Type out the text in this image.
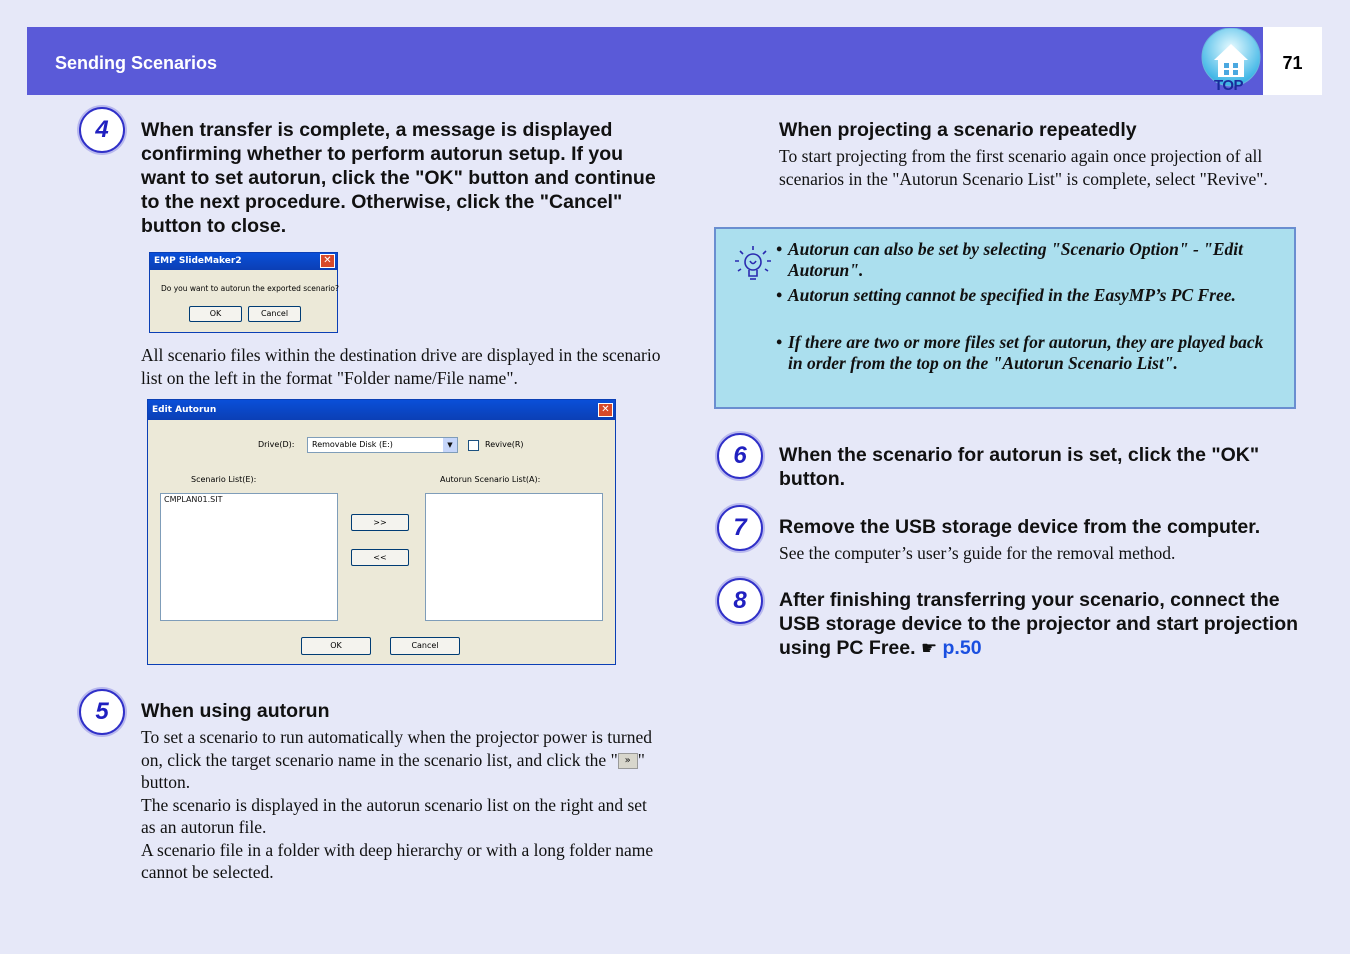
Sending Scenarios
TOP
71
4	When transfer is complete, a message is displayed confirming whether to perform autorun setup. If you want to set autorun, click the "OK" button and continue to the next procedure. Otherwise, click the "Cancel" button to close.
EMP SlideMaker2	✕
Do you want to autorun the exported scenario?
OK	Cancel
All scenario files within the destination drive are displayed in the scenario list on the left in the format "Folder name/File name".
Edit Autorun	✕
Drive(D): Removable Disk (E:)	▼	Revive(R)
Scenario List(E):	Autorun Scenario List(A):
CMPLAN01.SIT
>>
<<
OK	Cancel
5	When using autorun
To set a scenario to run automatically when the projector power is turned on, click the target scenario name in the scenario list, and click the " » " button.
The scenario is displayed in the autorun scenario list on the right and set as an autorun file.
A scenario file in a folder with deep hierarchy or with a long folder name cannot be selected.
When projecting a scenario repeatedly
To start projecting from the first scenario again once projection of all scenarios in the "Autorun Scenario List" is complete, select "Revive".
• Autorun can also be set by selecting "Scenario Option" - "Edit Autorun".
• Autorun setting cannot be specified in the EasyMP’s PC Free.
• If there are two or more files set for autorun, they are played back in order from the top on the "Autorun Scenario List".
6	When the scenario for autorun is set, click the "OK" button.
7	Remove the USB storage device from the computer.
See the computer’s user’s guide for the removal method.
8	After finishing transferring your scenario, connect the USB storage device to the projector and start projection using PC Free. ☛ p.50
